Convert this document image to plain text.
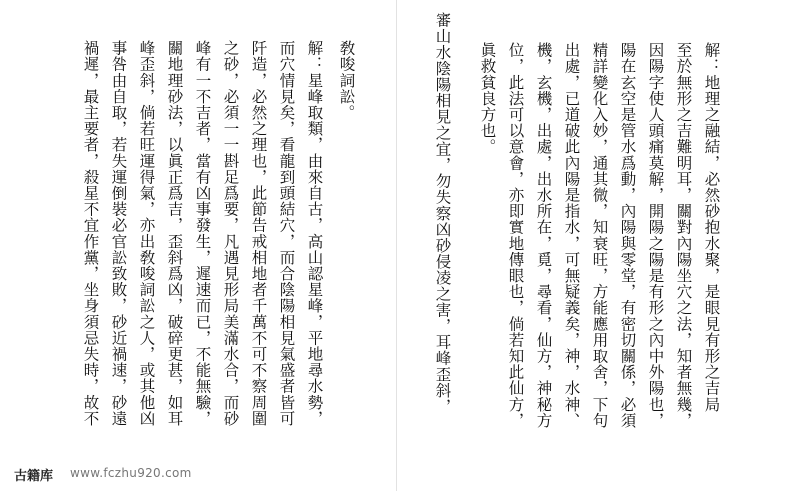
解：地理之融結，必然砂抱水聚，是眼見有形之吉局
至於無形之吉難明耳，關對內陽坐穴之法，知者無幾，
因陽字使人頭痛莫解，開陽之陽是有形之內中外陽也，
陽在玄空是管水爲動，內陽與零堂，有密切關係，必須
精詳變化入妙，通其微，知衰旺，方能應用取舍，下句
出處，已道破此內陽是指水，可無疑義矣，神，水神、
機，玄機，出處，出水所在，覓，尋看，仙方，神秘方
位，此法可以意會，亦即實地傳眼也，倘若知此仙方，
眞救貧良方也。
審山水陰陽相見之宜，勿失察凶砂侵凌之害，耳峰歪斜，
敎唆詞訟。
解：星峰取類，由來自古，高山認星峰，平地尋水勢，
而穴情見矣，看龍到頭結穴，而合陰陽相見氣盛者皆可
阡造，必然之理也，此節告戒相地者千萬不可不察周圍
之砂，必須一一斟足爲要，凡遇見形局美滿水合，而砂
峰有一不吉者，當有凶事發生，遲速而已，不能無驗，
關地理砂法，以眞正爲吉，歪斜爲凶，破碎更甚，如耳
峰歪斜，倘若旺運得氣，亦出敎唆詞訟之人，或其他凶
事咎由自取，若失運倒裝必官訟致敗，砂近禍速，砂遠
禍遲，最主要者，殺星不宜作黨，坐身須忌失時，故不
古籍库 www.fczhu920.com
